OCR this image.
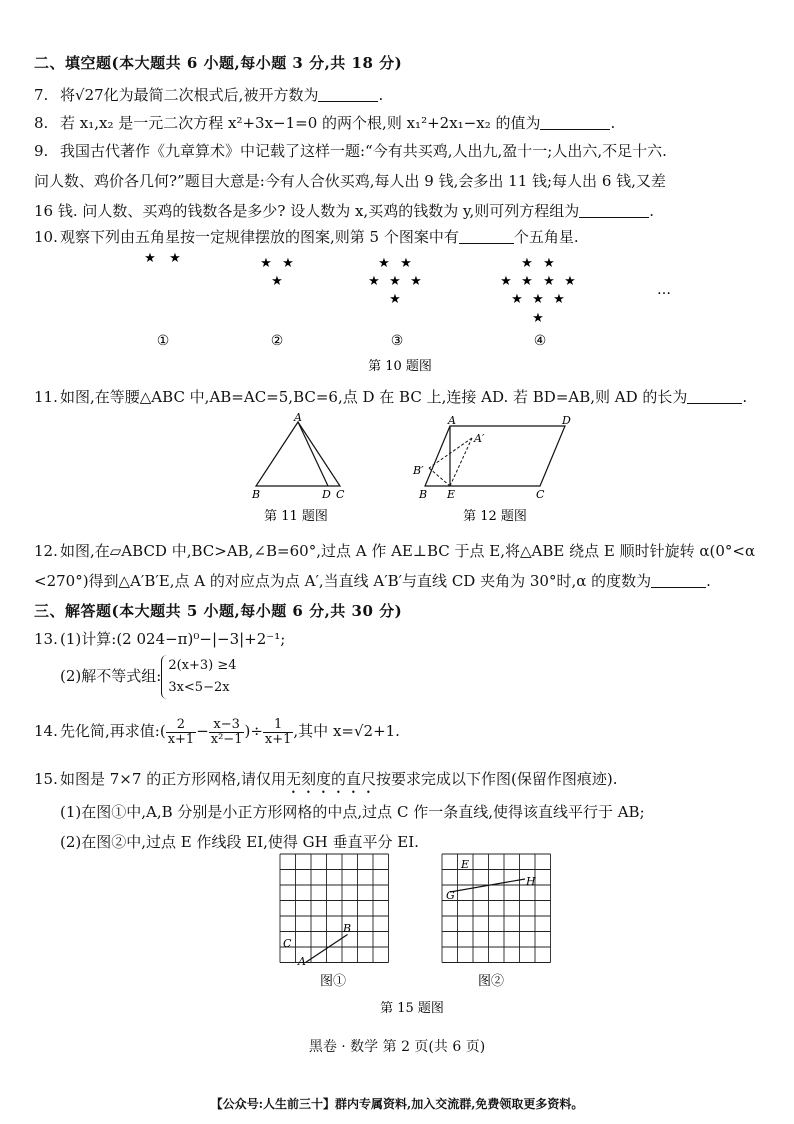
二、填空题(本大题共 6 小题,每小题 3 分,共 18 分)
7. 将√27化为最简二次根式后,被开方数为	.
8. 若 x₁,x₂ 是一元二次方程 x²+3x−1=0 的两个根,则 x₁²+2x₁−x₂ 的值为	.
9. 我国古代著作《九章算术》中记载了这样一题:“今有共买鸡,人出九,盈十一;人出六,不足十六.
问人数、鸡价各几何?”题目大意是:今有人合伙买鸡,每人出 9 钱,会多出 11 钱;每人出 6 钱,又差
16 钱. 问人数、买鸡的钱数各是多少? 设人数为 x,买鸡的钱数为 y,则可列方程组为	.
10. 观察下列由五角星按一定规律摆放的图案,则第 5 个图案中有	个五角星.
★ ★	★ ★
★
★ ★
★ ★ ★
★
★ ★
★ ★ ★ ★
★ ★ ★
★
①	②	③	④
…
第 10 题图
11. 如图,在等腰△ABC 中,AB=AC=5,BC=6,点 D 在 BC 上,连接 AD. 若 BD=AB,则 AD 的长为	.
A
B	D C
第 11 题图
A	D
A′
B′
B E	C
第 12 题图
12. 如图,在▱ABCD 中,BC>AB,∠B=60°,过点 A 作 AE⊥BC 于点 E,将△ABE 绕点 E 顺时针旋转 α(0°<α
<270°)得到△A′B′E,点 A 的对应点为点 A′,当直线 A′B′与直线 CD 夹角为 30°时,α 的度数为	.
三、解答题(本大题共 5 小题,每小题 6 分,共 30 分)
13. (1)计算:(2 024−π)⁰−|−3|+2⁻¹;
(2)解不等式组:
2(x+3) ≥4
3x<5−2x
14. 先化简,再求值:( $\frac{2}{x+1} - \frac{x-3}{\text{x²−1}}$ )÷ $\frac{1}{x+1}$ ,其中 x=√2+1.
15. 如图是 7×7 的正方形网格,请仅用无刻度的直尺按要求完成以下作图(保留作图痕迹).
(1)在图①中,A,B 分别是小正方形网格的中点,过点 C 作一条直线,使得该直线平行于 AB;
(2)在图②中,过点 E 作线段 EI,使得 GH 垂直平分 EI.
A
B
C
E
G
H
图①	图②
第 15 题图
黑卷 · 数学 第 2 页(共 6 页)
【公众号:人生前三十】群内专属资料,加入交流群,免费领取更多资料。
